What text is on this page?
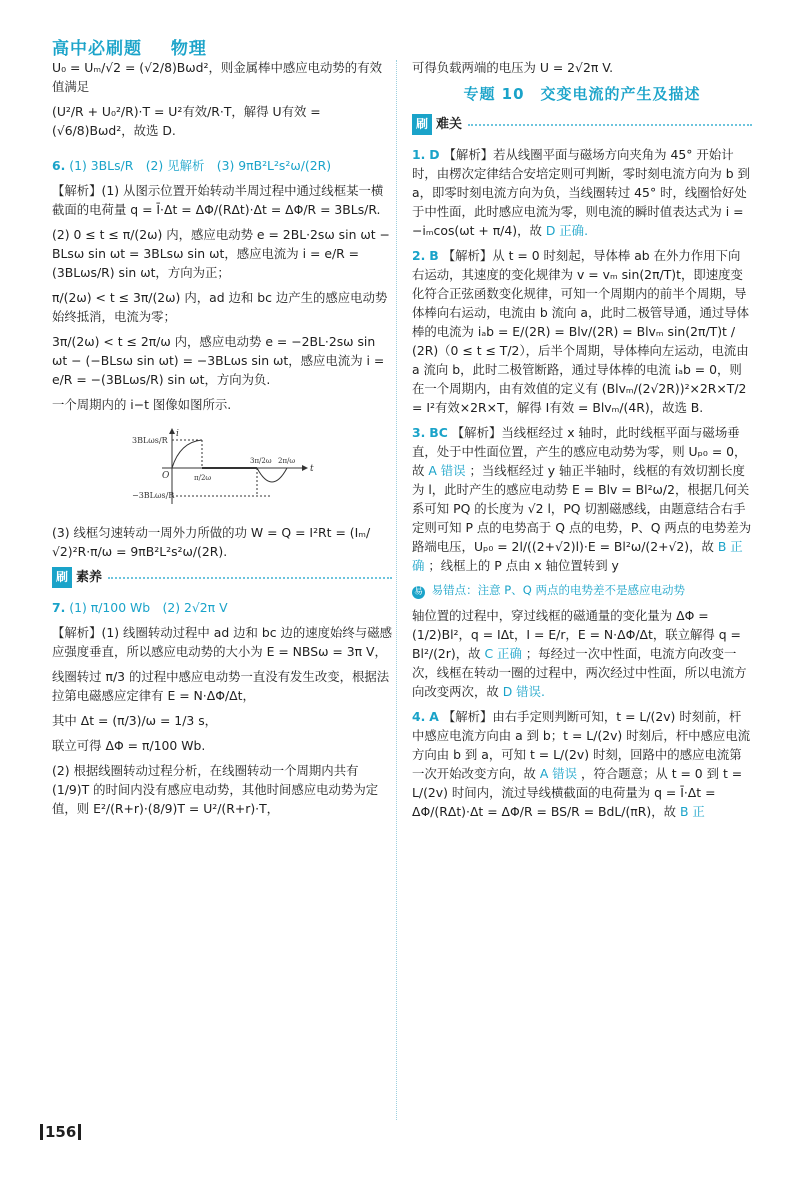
高中必刷题 物理

U₀ = Uₘ/√2 = (√2/8)Bωd²，则金属棒中感应电动势的有效值满足

(U²/R + U₀²/R)·T = U²有效/R·T，解得 U有效 = (√6/8)Bωd²，故选 D.

6. (1) 3BLs/R　(2) 见解析　(3) 9πB²L²s²ω/(2R)

【解析】(1) 从图示位置开始转动半周过程中通过线框某一横截面的电荷量 q = Ī·Δt = ΔΦ/(RΔt)·Δt = ΔΦ/R = 3BLs/R.

(2) 0 ≤ t ≤ π/(2ω) 内，感应电动势 e = 2BL·2sω sin ωt − BLsω sin ωt = 3BLsω sin ωt，感应电流为 i = e/R = (3BLωs/R) sin ωt，方向为正；

π/(2ω) < t ≤ 3π/(2ω) 内，ad 边和 bc 边产生的感应电动势始终抵消，电流为零；

3π/(2ω) < t ≤ 2π/ω 内，感应电动势 e = −2BL·2sω sin ωt − (−BLsω sin ωt) = −3BLωs sin ωt，感应电流为 i = e/R = −(3BLωs/R) sin ωt，方向为负.

一个周期内的 i−t 图像如图所示.

3BLωs/R
−3BLωs/R
i
t
O	π/2ω
3π/2ω 2π/ω

(3) 线框匀速转动一周外力所做的功 W = Q = I²Rt = (Iₘ/√2)²R·π/ω = 9πB²L²s²ω/(2R).

刷 素养

7. (1) π/100 Wb　(2) 2√2π V

【解析】(1) 线圈转动过程中 ad 边和 bc 边的速度始终与磁感应强度垂直，所以感应电动势的大小为 E = NBSω = 3π V，

线圈转过 π/3 的过程中感应电动势一直没有发生改变，根据法拉第电磁感应定律有 E = N·ΔΦ/Δt，

其中 Δt = (π/3)/ω = 1/3 s，

联立可得 ΔΦ = π/100 Wb.

(2) 根据线圈转动过程分析，在线圈转动一个周期内共有 (1/9)T 的时间内没有感应电动势，其他时间感应电动势为定值，则 E²/(R+r)·(8/9)T = U²/(R+r)·T，

可得负载两端的电压为 U = 2√2π V.

专题 10　交变电流的产生及描述
刷 难关

1. D 【解析】若从线圈平面与磁场方向夹角为 45° 开始计时，由楞次定律结合安培定则可判断，零时刻电流方向为 b 到 a，即零时刻电流方向为负，当线圈转过 45° 时，线圈恰好处于中性面，此时感应电流为零，则电流的瞬时值表达式为 i = −iₘcos(ωt + π/4)，故 D 正确.

2. B 【解析】从 t = 0 时刻起，导体棒 ab 在外力作用下向右运动，其速度的变化规律为 v = vₘ sin(2π/T)t，即速度变化符合正弦函数变化规律，可知一个周期内的前半个周期，导体棒向右运动，电流由 b 流向 a，此时二极管导通，通过导体棒的电流为 iₐb = E/(2R) = Blv/(2R) = Blvₘ sin(2π/T)t / (2R)（0 ≤ t ≤ T/2），后半个周期，导体棒向左运动，电流由 a 流向 b，此时二极管断路，通过导体棒的电流 iₐb = 0，则在一个周期内，由有效值的定义有 (Blvₘ/(2√2R))²×2R×T/2 = I²有效×2R×T，解得 I有效 = Blvₘ/(4R)，故选 B.

3. BC 【解析】当线框经过 x 轴时，此时线框平面与磁场垂直，处于中性面位置，产生的感应电动势为零，则 Uₚ₀ = 0，故 A 错误 ；当线框经过 y 轴正半轴时，线框的有效切割长度为 l，此时产生的感应电动势 E = Blv = Bl²ω/2，根据几何关系可知 PQ 的长度为 √2 l，PQ 切割磁感线，由题意结合右手定则可知 P 点的电势高于 Q 点的电势，P、Q 两点的电势差为路端电压，Uₚ₀ = 2l/((2+√2)l)·E = Bl²ω/(2+√2)，故 B 正确 ；线框上的 P 点由 x 轴位置转到 y

易 易错点：注意 P、Q 两点的电势差不是感应电动势

轴位置的过程中，穿过线框的磁通量的变化量为 ΔΦ = (1/2)Bl²，q = IΔt，I = E/r，E = N·ΔΦ/Δt，联立解得 q = Bl²/(2r)，故 C 正确 ；每经过一次中性面，电流方向改变一次，线框在转动一圈的过程中，两次经过中性面，所以电流方向改变两次，故 D 错误.

4. A 【解析】由右手定则判断可知，t = L/(2v) 时刻前，杆中感应电流方向由 a 到 b；t = L/(2v) 时刻后，杆中感应电流方向由 b 到 a，可知 t = L/(2v) 时刻，回路中的感应电流第一次开始改变方向，故 A 错误 ，符合题意；从 t = 0 到 t = L/(2v) 时间内，流过导线横截面的电荷量为 q = Ī·Δt = ΔΦ/(RΔt)·Δt = ΔΦ/R = BS/R = BdL/(πR)，故 B 正

156
